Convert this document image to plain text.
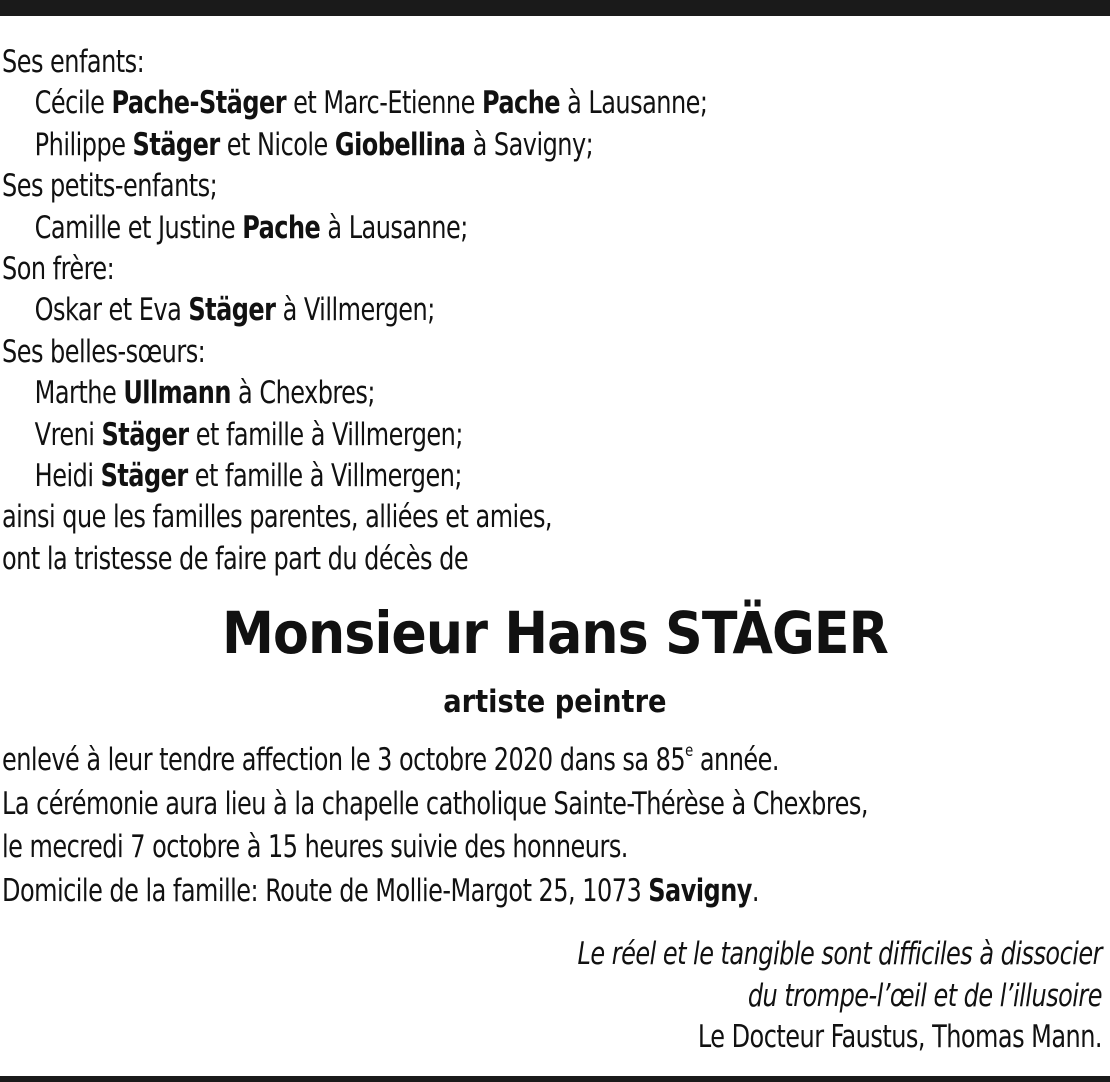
Ses enfants:
Cécile Pache-Stäger et Marc-Etienne Pache à Lausanne;
Philippe Stäger et Nicole Giobellina à Savigny;
Ses petits-enfants;
Camille et Justine Pache à Lausanne;
Son frère:
Oskar et Eva Stäger à Villmergen;
Ses belles-sœurs:
Marthe Ullmann à Chexbres;
Vreni Stäger et famille à Villmergen;
Heidi Stäger et famille à Villmergen;
ainsi que les familles parentes, alliées et amies,
ont la tristesse de faire part du décès de
Monsieur Hans STÄGER
artiste peintre
enlevé à leur tendre affection le 3 octobre 2020 dans sa 85e année.
La cérémonie aura lieu à la chapelle catholique Sainte-Thérèse à Chexbres,
le mecredi 7 octobre à 15 heures suivie des honneurs.
Domicile de la famille: Route de Mollie-Margot 25, 1073 Savigny.
Le réel et le tangible sont difficiles à dissocier
du trompe-l’œil et de l’illusoire
Le Docteur Faustus, Thomas Mann.
